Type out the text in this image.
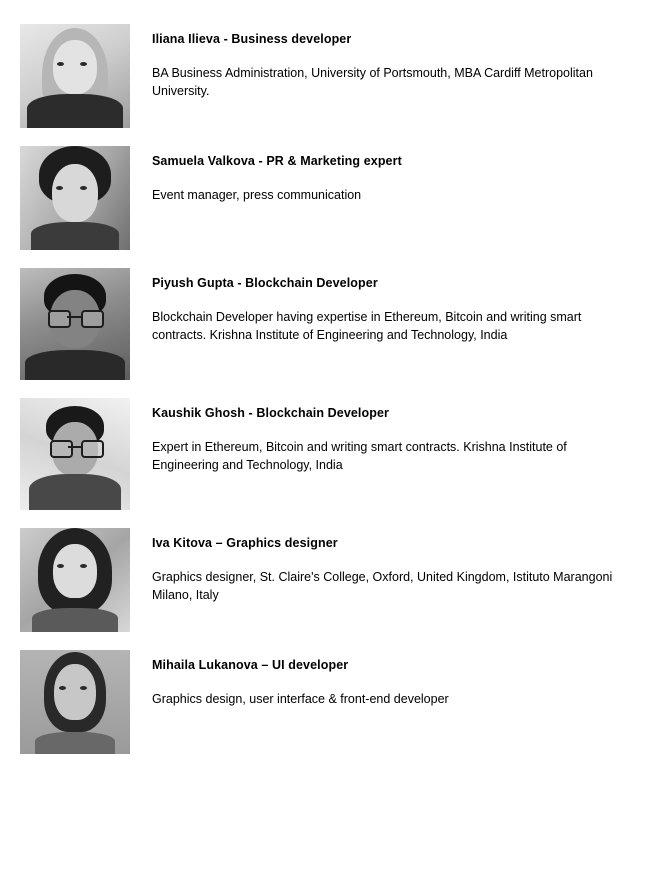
Iliana Ilieva - Business developer

BA Business Administration, University of Portsmouth, MBA Cardiff Metropolitan University.

Samuela Valkova - PR & Marketing expert

Event manager, press communication

Piyush Gupta - Blockchain Developer

Blockchain Developer having expertise in Ethereum, Bitcoin and writing smart contracts. Krishna Institute of Engineering and Technology, India

Kaushik Ghosh - Blockchain Developer

Expert in Ethereum, Bitcoin and writing smart contracts. Krishna Institute of Engineering and Technology, India

Iva Kitova – Graphics designer

Graphics designer, St. Claire's College, Oxford, United Kingdom, Istituto Marangoni Milano, Italy

Mihaila Lukanova – UI developer

Graphics design, user interface & front-end developer
